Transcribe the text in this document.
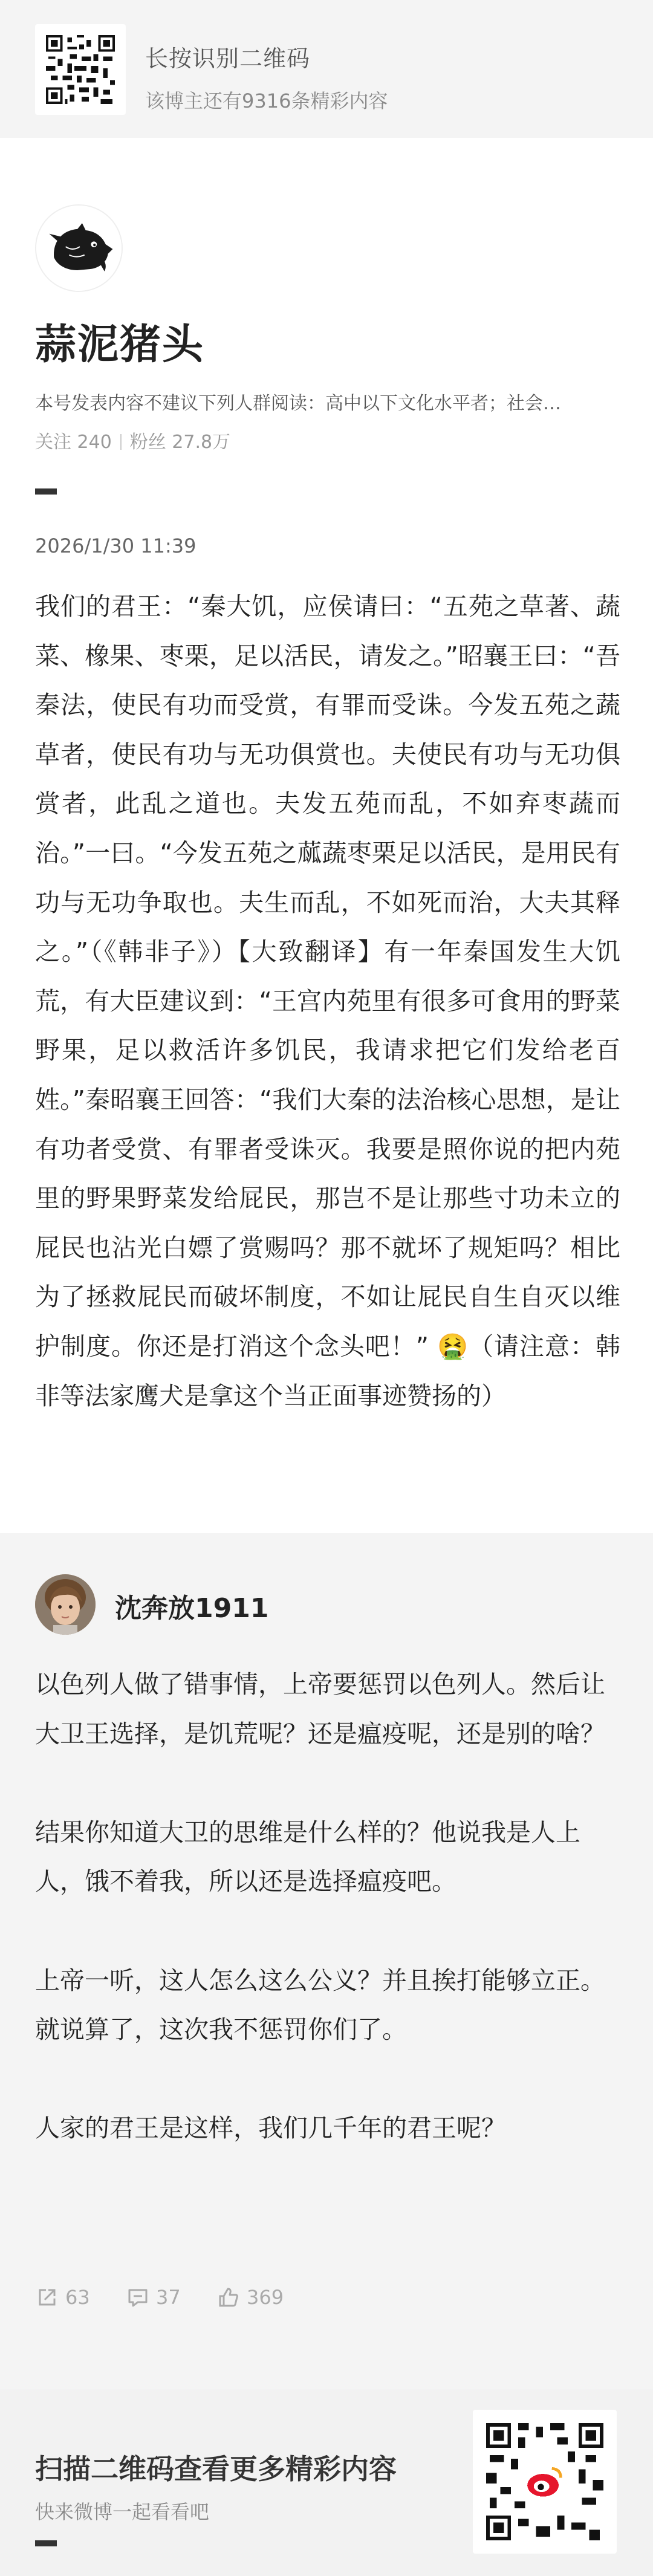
长按识别二维码
该博主还有9316条精彩内容
蒜泥猪头
本号发表内容不建议下列人群阅读：高中以下文化水平者；社会…
关注 240 粉丝 27.8万
2026/1/30 11:39
我们的君王：“秦大饥，应侯请曰：“五苑之草著、蔬菜、橡果、枣栗，足以活民，请发之。”昭襄王曰：“吾秦法，使民有功而受赏，有罪而受诛。今发五苑之蔬草者，使民有功与无功俱赏也。夫使民有功与无功俱赏者，此乱之道也。夫发五苑而乱，不如弃枣蔬而治。”一曰。“今发五苑之蓏蔬枣栗足以活民，是用民有功与无功争取也。夫生而乱，不如死而治，大夫其释之。”（《韩非子》）【大致翻译】有一年秦国发生大饥荒，有大臣建议到：“王宫内苑里有很多可食用的野菜野果，足以救活许多饥民，我请求把它们发给老百姓。”秦昭襄王回答：“我们大秦的法治核心思想，是让有功者受赏、有罪者受诛灭。我要是照你说的把内苑里的野果野菜发给屁民，那岂不是让那些寸功未立的屁民也沾光白嫖了赏赐吗？那不就坏了规矩吗？相比为了拯救屁民而破坏制度，不如让屁民自生自灭以维护制度。你还是打消这个念头吧！” 🤮（请注意：韩非等法家鹰犬是拿这个当正面事迹赞扬的）
沈奔放1911

以色列人做了错事情，上帝要惩罚以色列人。然后让大卫王选择，是饥荒呢？还是瘟疫呢，还是别的啥？

结果你知道大卫的思维是什么样的？他说我是人上人，饿不着我，所以还是选择瘟疫吧。

上帝一听，这人怎么这么公义？并且挨打能够立正。就说算了，这次我不惩罚你们了。

人家的君王是这样，我们几千年的君王呢？

63	37	369
扫描二维码查看更多精彩内容
快来微博一起看看吧
